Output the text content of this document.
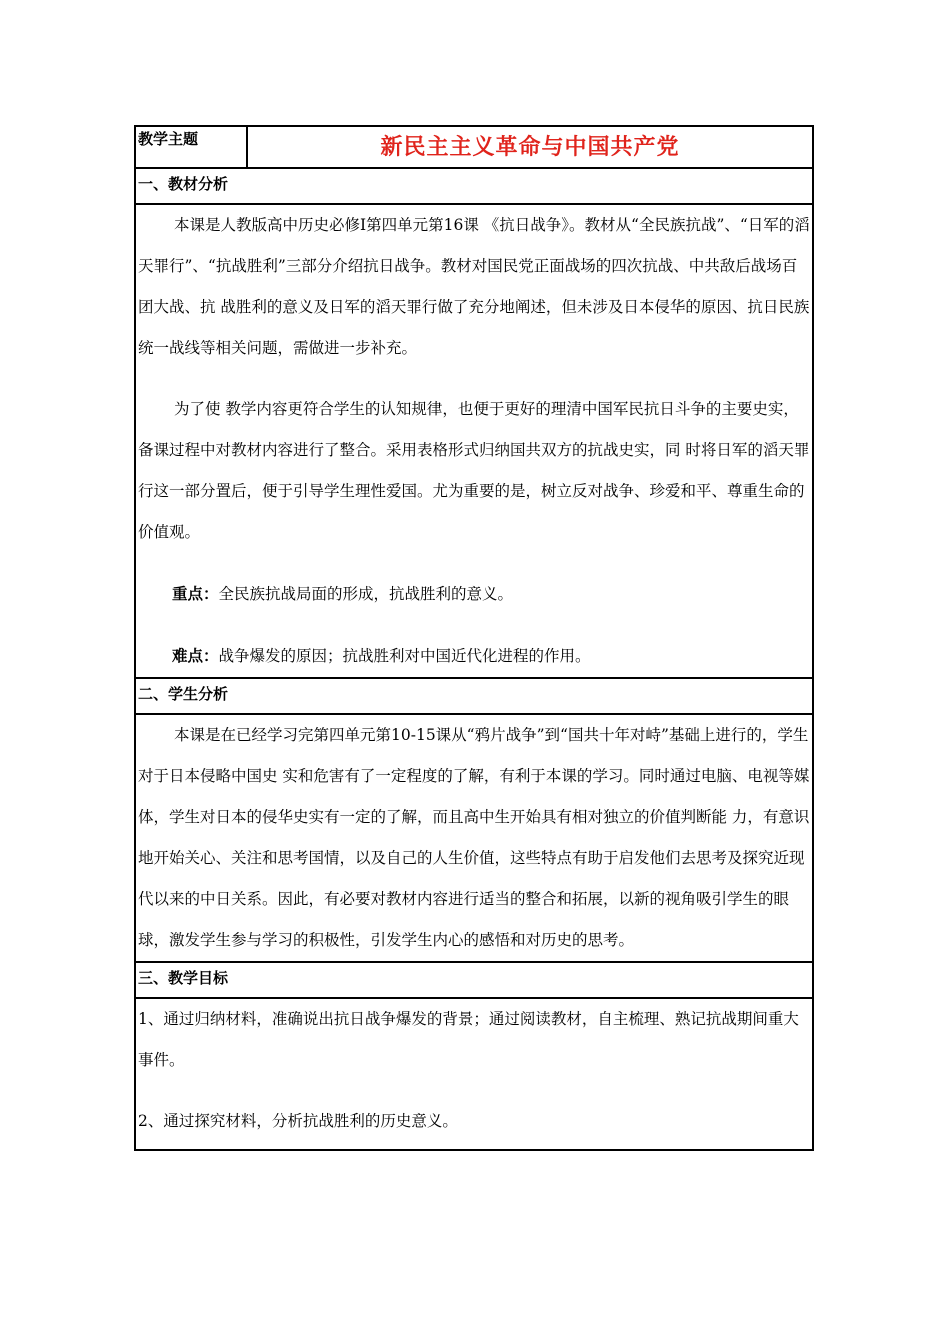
教学主题	新民主主义革命与中国共产党
一、教材分析

本课是人教版高中历史必修Ⅰ第四单元第16课 《抗日战争》。教材从“全民族抗战”、“日军的滔天罪行”、“抗战胜利”三部分介绍抗日战争。教材对国民党正面战场的四次抗战、中共敌后战场百团大战、抗 战胜利的意义及日军的滔天罪行做了充分地阐述，但未涉及日本侵华的原因、抗日民族统一战线等相关问题，需做进一步补充。

为了使 教学内容更符合学生的认知规律，也便于更好的理清中国军民抗日斗争的主要史实，备课过程中对教材内容进行了整合。采用表格形式归纳国共双方的抗战史实，同 时将日军的滔天罪行这一部分置后，便于引导学生理性爱国。尤为重要的是，树立反对战争、珍爱和平、尊重生命的价值观。

重点：全民族抗战局面的形成，抗战胜利的意义。

难点：战争爆发的原因；抗战胜利对中国近代化进程的作用。

二、学生分析

本课是在已经学习完第四单元第10-15课从“鸦片战争”到“国共十年对峙”基础上进行的，学生对于日本侵略中国史 实和危害有了一定程度的了解，有利于本课的学习。同时通过电脑、电视等媒体，学生对日本的侵华史实有一定的了解，而且高中生开始具有相对独立的价值判断能 力，有意识地开始关心、关注和思考国情，以及自己的人生价值，这些特点有助于启发他们去思考及探究近现代以来的中日关系。因此，有必要对教材内容进行适当的整合和拓展，以新的视角吸引学生的眼球，激发学生参与学习的积极性，引发学生内心的感悟和对历史的思考。

三、教学目标

1、通过归纳材料，准确说出抗日战争爆发的背景；通过阅读教材，自主梳理、熟记抗战期间重大事件。

2、通过探究材料，分析抗战胜利的历史意义。
